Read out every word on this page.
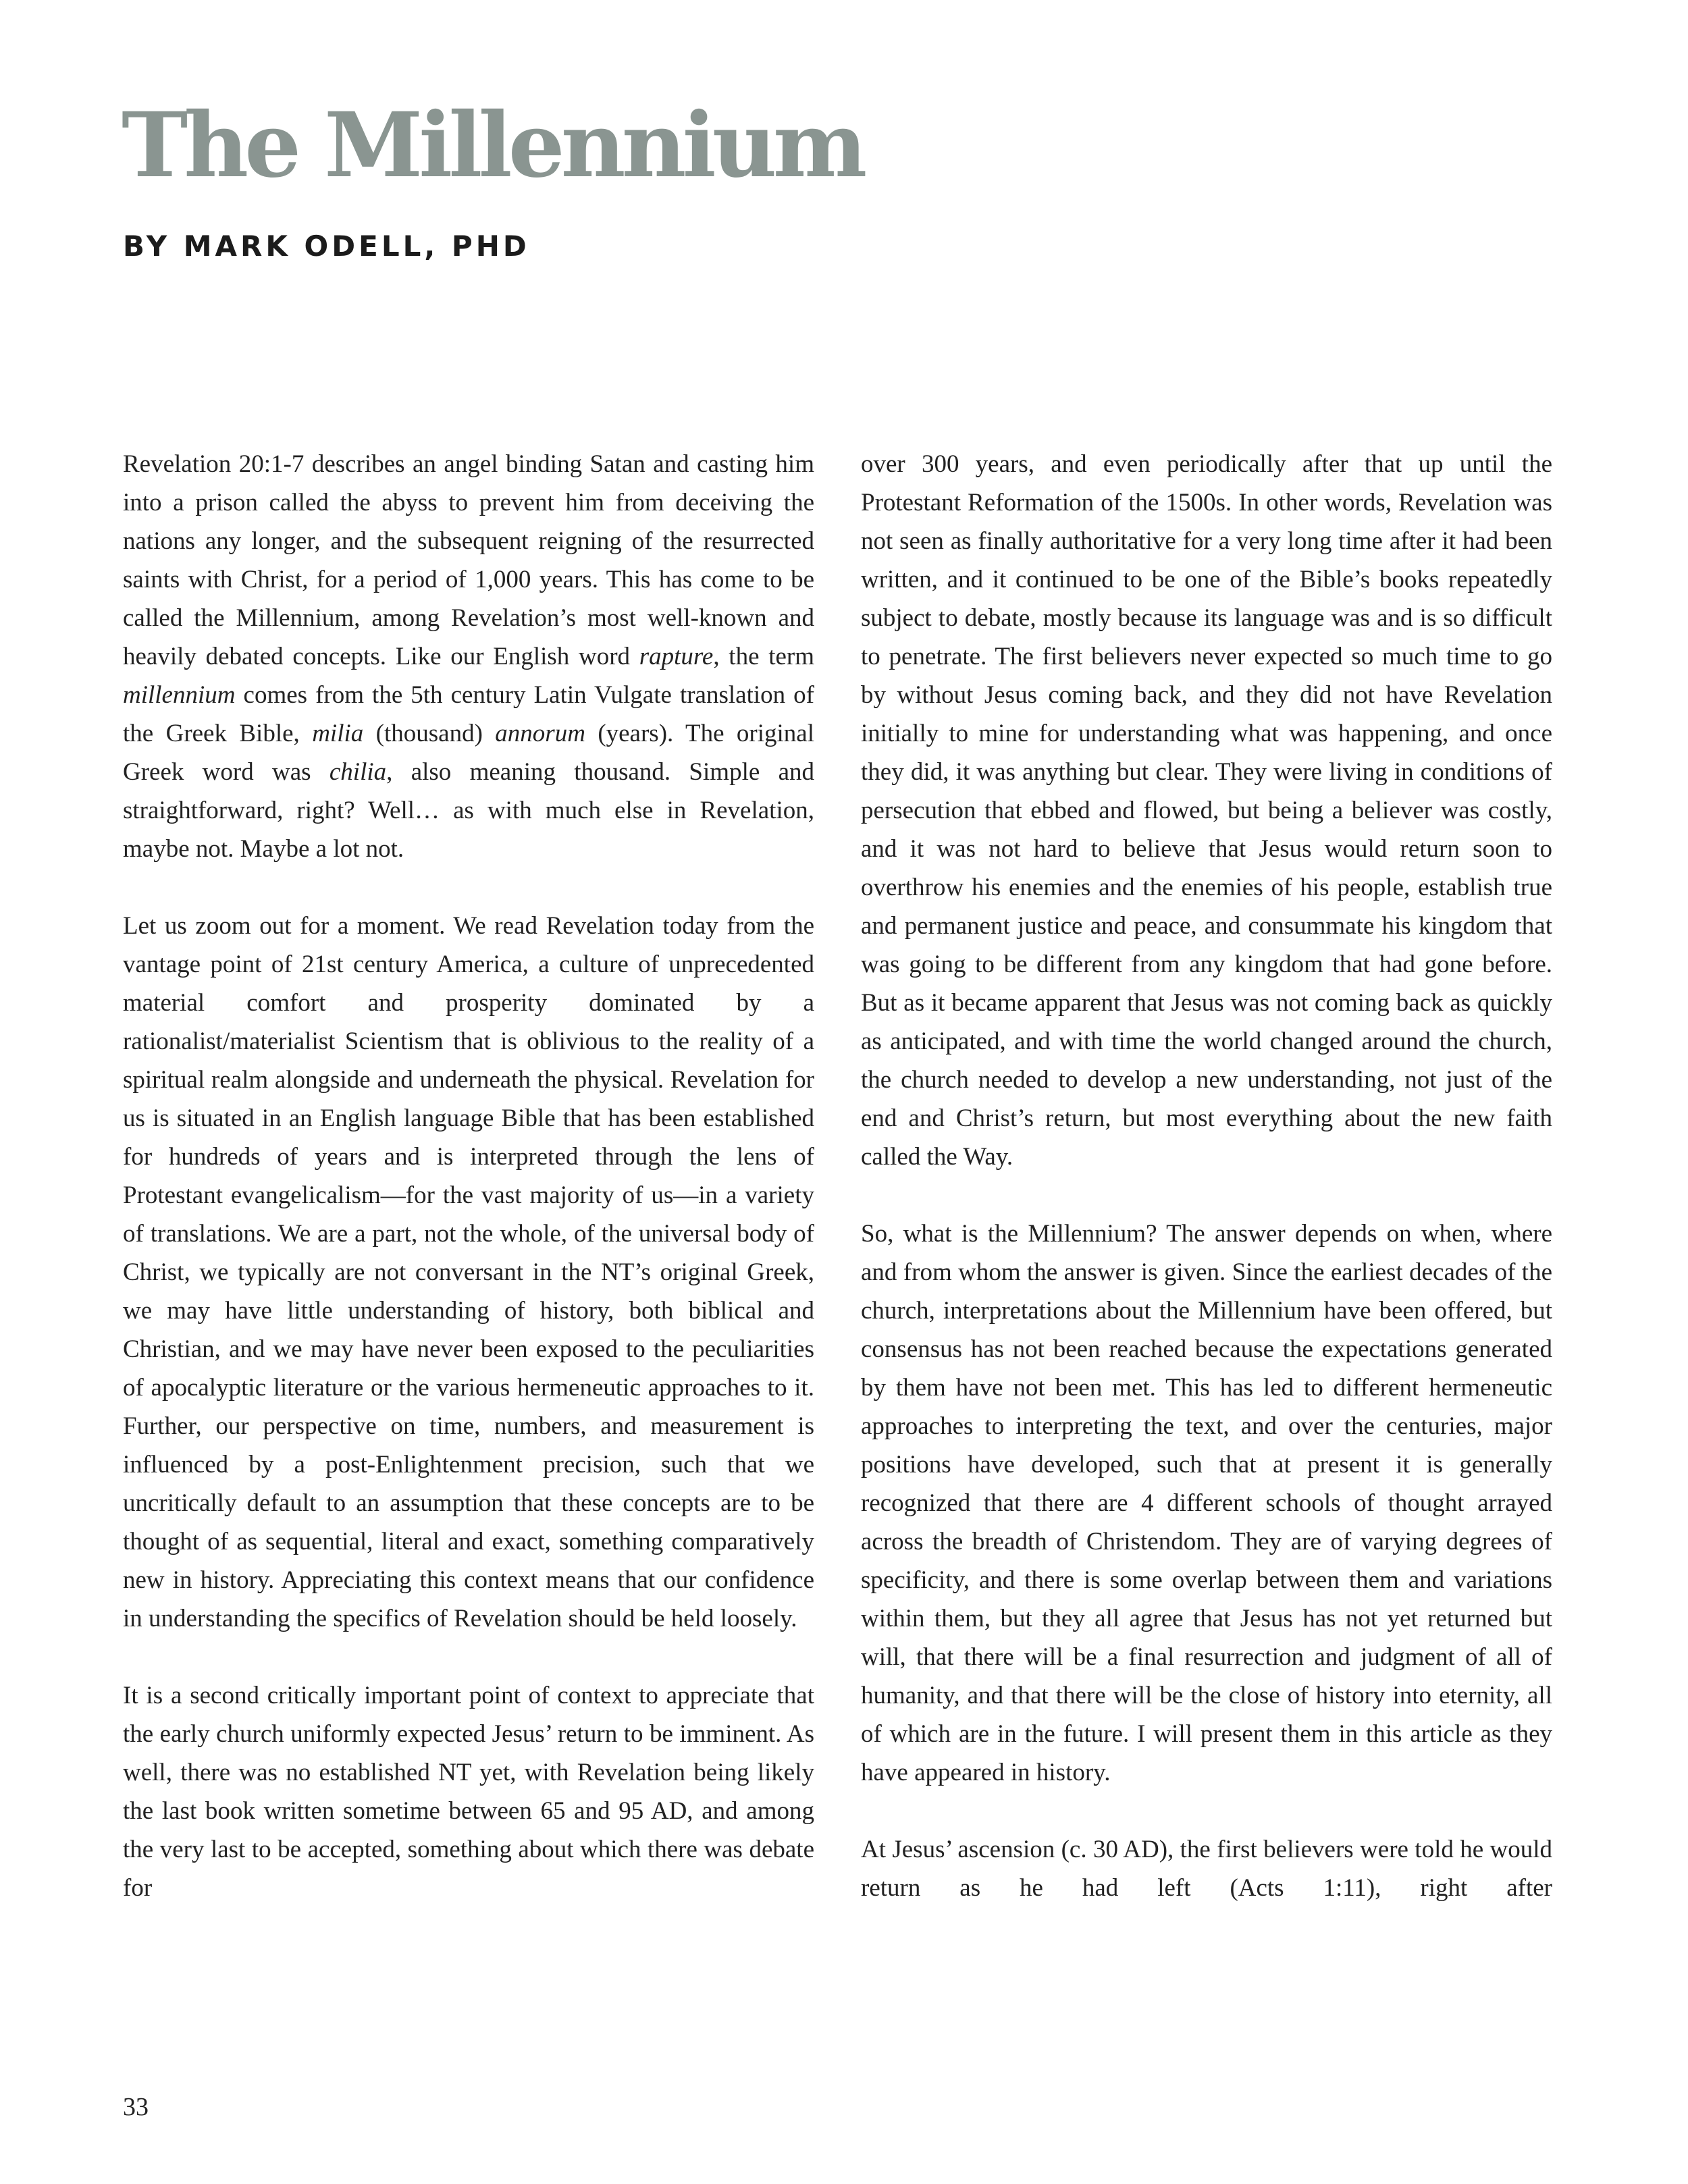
The Millennium
BY MARK ODELL, PHD

Revelation 20:1-7 describes an angel binding Satan and casting him into a prison called the abyss to prevent him from deceiving the nations any longer, and the subsequent reigning of the resurrected saints with Christ, for a period of 1,000 years. This has come to be called the Millennium, among Revelation’s most well-known and heavily debated concepts. Like our English word rapture, the term millennium comes from the 5th century Latin Vulgate translation of the Greek Bible, milia (thousand) annorum (years). The original Greek word was chilia, also meaning thousand. Simple and straightforward, right? Well… as with much else in Revelation, maybe not. Maybe a lot not.

Let us zoom out for a moment. We read Revelation today from the vantage point of 21st century America, a culture of unprecedented material comfort and prosperity dominated by a rationalist/materialist Scientism that is oblivious to the reality of a spiritual realm alongside and underneath the physical. Revelation for us is situated in an English language Bible that has been established for hundreds of years and is interpreted through the lens of Protestant evangelicalism—for the vast majority of us—in a variety of translations. We are a part, not the whole, of the universal body of Christ, we typically are not conversant in the NT’s original Greek, we may have little understanding of history, both biblical and Christian, and we may have never been exposed to the peculiarities of apocalyptic literature or the various hermeneutic approaches to it. Further, our perspective on time, numbers, and measurement is influenced by a post-Enlightenment precision, such that we uncritically default to an assumption that these concepts are to be thought of as sequential, literal and exact, something comparatively new in history. Appreciating this context means that our confidence in understanding the specifics of Revelation should be held loosely.

It is a second critically important point of context to appreciate that the early church uniformly expected Jesus’ return to be imminent. As well, there was no established NT yet, with Revelation being likely the last book written sometime between 65 and 95 AD, and among the very last to be accepted, something about which there was debate for

over 300 years, and even periodically after that up until the Protestant Reformation of the 1500s. In other words, Revelation was not seen as finally authoritative for a very long time after it had been written, and it continued to be one of the Bible’s books repeatedly subject to debate, mostly because its language was and is so difficult to penetrate. The first believers never expected so much time to go by without Jesus coming back, and they did not have Revelation initially to mine for understanding what was happening, and once they did, it was anything but clear. They were living in conditions of persecution that ebbed and flowed, but being a believer was costly, and it was not hard to believe that Jesus would return soon to overthrow his enemies and the enemies of his people, establish true and permanent justice and peace, and consummate his kingdom that was going to be different from any kingdom that had gone before. But as it became apparent that Jesus was not coming back as quickly as anticipated, and with time the world changed around the church, the church needed to develop a new understanding, not just of the end and Christ’s return, but most everything about the new faith called the Way.

So, what is the Millennium? The answer depends on when, where and from whom the answer is given. Since the earliest decades of the church, interpretations about the Millennium have been offered, but consensus has not been reached because the expectations generated by them have not been met. This has led to different hermeneutic approaches to interpreting the text, and over the centuries, major positions have developed, such that at present it is generally recognized that there are 4 different schools of thought arrayed across the breadth of Christendom. They are of varying degrees of specificity, and there is some overlap between them and variations within them, but they all agree that Jesus has not yet returned but will, that there will be a final resurrection and judgment of all of humanity, and that there will be the close of history into eternity, all of which are in the future. I will present them in this article as they have appeared in history.

At Jesus’ ascension (c. 30 AD), the first believers were told he would return as he had left (Acts 1:11), right after

33
